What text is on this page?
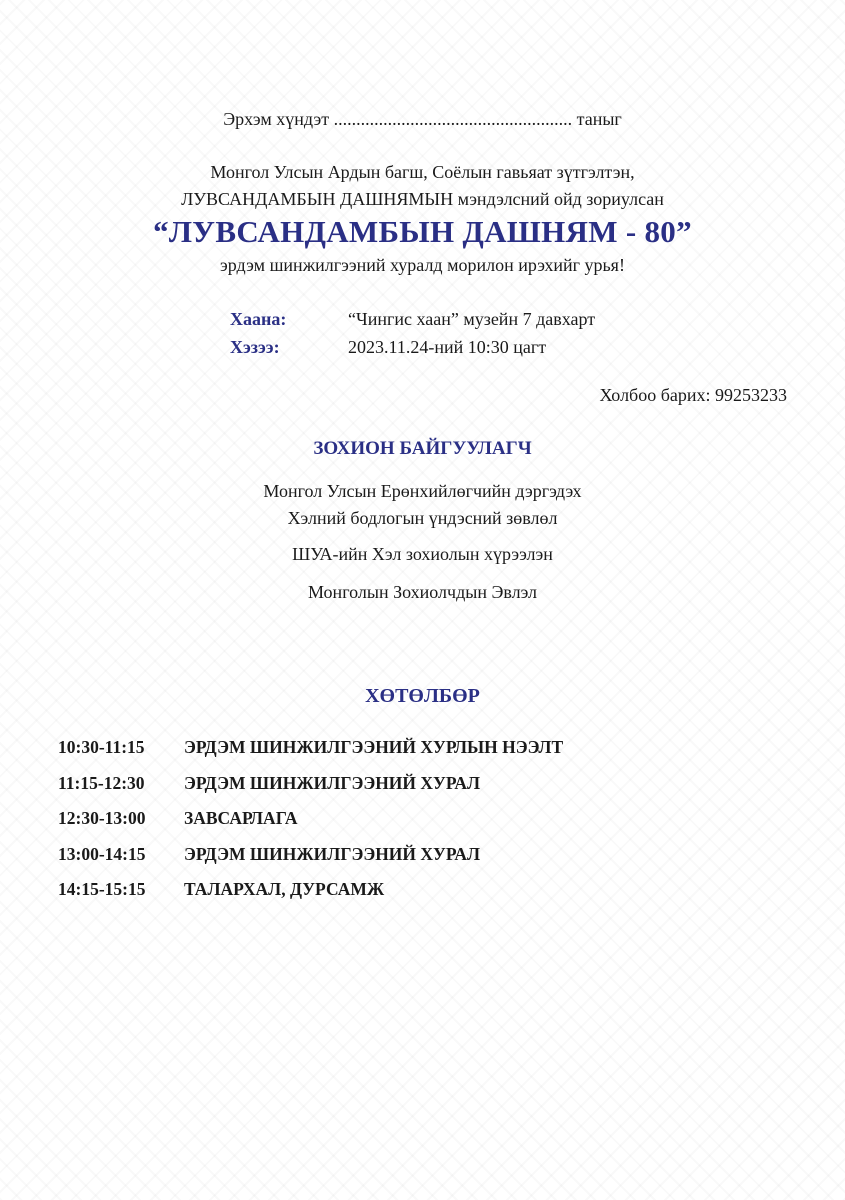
Эрхэм хүндэт ..................................................... таныг
Монгол Улсын Ардын багш, Соёлын гавьяат зүтгэлтэн,
ЛУВСАНДАМБЫН ДАШНЯМЫН мэндэлсний ойд зориулсан
“ЛУВСАНДАМБЫН ДАШНЯМ - 80”
эрдэм шинжилгээний хуралд морилон ирэхийг урья!
Хаана:	“Чингис хаан” музейн 7 давхарт
Хэзээ:	2023.11.24-ний 10:30 цагт
Холбоо барих: 99253233
ЗОХИОН БАЙГУУЛАГЧ
Монгол Улсын Ерөнхийлөгчийн дэргэдэх
Хэлний бодлогын үндэсний зөвлөл
ШУА-ийн Хэл зохиолын хүрээлэн
Монголын Зохиолчдын Эвлэл
ХӨТӨЛБӨР
10:30-11:15	ЭРДЭМ ШИНЖИЛГЭЭНИЙ ХУРЛЫН НЭЭЛТ
11:15-12:30	ЭРДЭМ ШИНЖИЛГЭЭНИЙ ХУРАЛ
12:30-13:00	ЗАВСАРЛАГА
13:00-14:15	ЭРДЭМ ШИНЖИЛГЭЭНИЙ ХУРАЛ
14:15-15:15	ТАЛАРХАЛ, ДУРСАМЖ
